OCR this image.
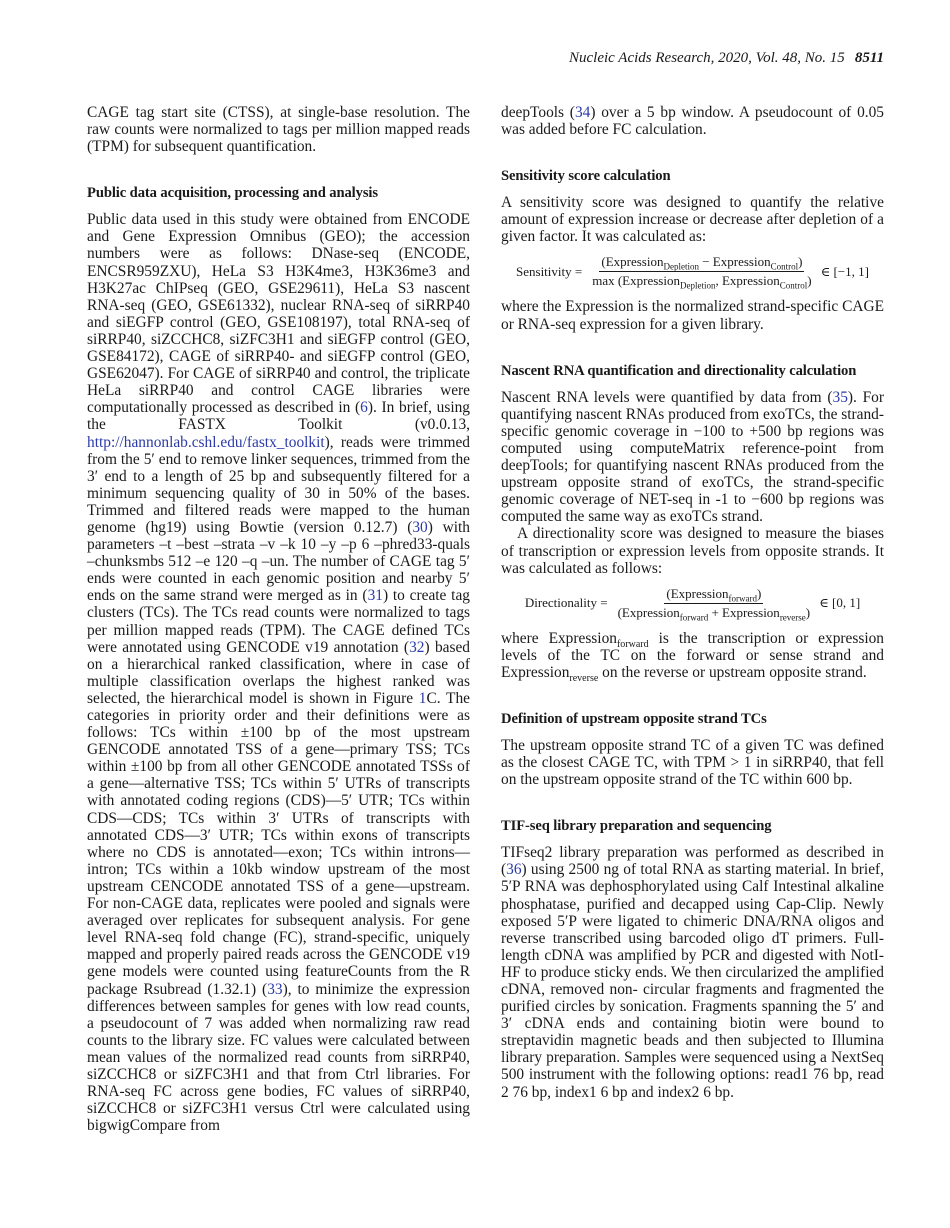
Nucleic Acids Research, 2020, Vol. 48, No. 15 8511

CAGE tag start site (CTSS), at single-base resolution. The raw counts were normalized to tags per million mapped reads (TPM) for subsequent quantification.

Public data acquisition, processing and analysis

Public data used in this study were obtained from ENCODE and Gene Expression Omnibus (GEO); the accession numbers were as follows: DNase-seq (ENCODE, ENCSR959ZXU), HeLa S3 H3K4me3, H3K36me3 and H3K27ac ChIPseq (GEO, GSE29611), HeLa S3 nascent RNA-seq (GEO, GSE61332), nuclear RNA-seq of siRRP40 and siEGFP control (GEO, GSE108197), total RNA-seq of siRRP40, siZCCHC8, siZFC3H1 and siEGFP control (GEO, GSE84172), CAGE of siRRP40- and siEGFP control (GEO, GSE62047). For CAGE of siRRP40 and control, the triplicate HeLa siRRP40 and control CAGE libraries were computationally processed as described in (6). In brief, using the FASTX Toolkit (v0.0.13, http://hannonlab.cshl.edu/fastx_toolkit), reads were trimmed from the 5′ end to remove linker sequences, trimmed from the 3′ end to a length of 25 bp and subsequently filtered for a minimum sequencing quality of 30 in 50% of the bases. Trimmed and filtered reads were mapped to the human genome (hg19) using Bowtie (version 0.12.7) (30) with parameters –t –best –strata –v –k 10 –y –p 6 –phred33-quals –chunksmbs 512 –e 120 –q –un. The number of CAGE tag 5′ ends were counted in each genomic position and nearby 5′ ends on the same strand were merged as in (31) to create tag clusters (TCs). The TCs read counts were normalized to tags per million mapped reads (TPM). The CAGE defined TCs were annotated using GENCODE v19 annotation (32) based on a hierarchical ranked classification, where in case of multiple classification overlaps the highest ranked was selected, the hierarchical model is shown in Figure 1C. The categories in priority order and their definitions were as follows: TCs within ±100 bp of the most upstream GENCODE annotated TSS of a gene—primary TSS; TCs within ±100 bp from all other GENCODE annotated TSSs of a gene—alternative TSS; TCs within 5′ UTRs of transcripts with annotated coding regions (CDS)—5′ UTR; TCs within CDS—CDS; TCs within 3′ UTRs of transcripts with annotated CDS—3′ UTR; TCs within exons of transcripts where no CDS is annotated—exon; TCs within introns—intron; TCs within a 10kb window upstream of the most upstream CENCODE annotated TSS of a gene—upstream. For non-CAGE data, replicates were pooled and signals were averaged over replicates for subsequent analysis. For gene level RNA-seq fold change (FC), strand-specific, uniquely mapped and properly paired reads across the GENCODE v19 gene models were counted using featureCounts from the R package Rsubread (1.32.1) (33), to minimize the expression differences between samples for genes with low read counts, a pseudocount of 7 was added when normalizing raw read counts to the library size. FC values were calculated between mean values of the normalized read counts from siRRP40, siZCCHC8 or siZFC3H1 and that from Ctrl libraries. For RNA-seq FC across gene bodies, FC values of siRRP40, siZCCHC8 or siZFC3H1 versus Ctrl were calculated using bigwigCompare from

deepTools (34) over a 5 bp window. A pseudocount of 0.05 was added before FC calculation.

Sensitivity score calculation

A sensitivity score was designed to quantify the relative amount of expression increase or decrease after depletion of a given factor. It was calculated as:

Sensitivity = $\frac{(Expression_{Depletion} - Expression_{Control})}{\max (Expression_{Depletion}, Expression_{Control})}$ ∈ [−1, 1]

where the Expression is the normalized strand-specific CAGE or RNA-seq expression for a given library.

Nascent RNA quantification and directionality calculation

Nascent RNA levels were quantified by data from (35). For quantifying nascent RNAs produced from exoTCs, the strand-specific genomic coverage in −100 to +500 bp regions was computed using computeMatrix reference-point from deepTools; for quantifying nascent RNAs produced from the upstream opposite strand of exoTCs, the strand-specific genomic coverage of NET-seq in -1 to −600 bp regions was computed the same way as exoTCs strand.

A directionality score was designed to measure the biases of transcription or expression levels from opposite strands. It was calculated as follows:

Directionality = $\frac{(Expression_{forward})}{(Expression_{forward} + Expression_{reverse})}$ ∈ [0, 1]

where Expression$_{forward}$ is the transcription or expression levels of the TC on the forward or sense strand and Expression$_{reverse}$ on the reverse or upstream opposite strand.

Definition of upstream opposite strand TCs

The upstream opposite strand TC of a given TC was defined as the closest CAGE TC, with TPM > 1 in siRRP40, that fell on the upstream opposite strand of the TC within 600 bp.

TIF-seq library preparation and sequencing

TIFseq2 library preparation was performed as described in (36) using 2500 ng of total RNA as starting material. In brief, 5′P RNA was dephosphorylated using Calf Intestinal alkaline phosphatase, purified and decapped using Cap-Clip. Newly exposed 5′P were ligated to chimeric DNA/RNA oligos and reverse transcribed using barcoded oligo dT primers. Full-length cDNA was amplified by PCR and digested with NotI-HF to produce sticky ends. We then circularized the amplified cDNA, removed non- circular fragments and fragmented the purified circles by sonication. Fragments spanning the 5′ and 3′ cDNA ends and containing biotin were bound to streptavidin magnetic beads and then subjected to Illumina library preparation. Samples were sequenced using a NextSeq 500 instrument with the following options: read1 76 bp, read 2 76 bp, index1 6 bp and index2 6 bp.
